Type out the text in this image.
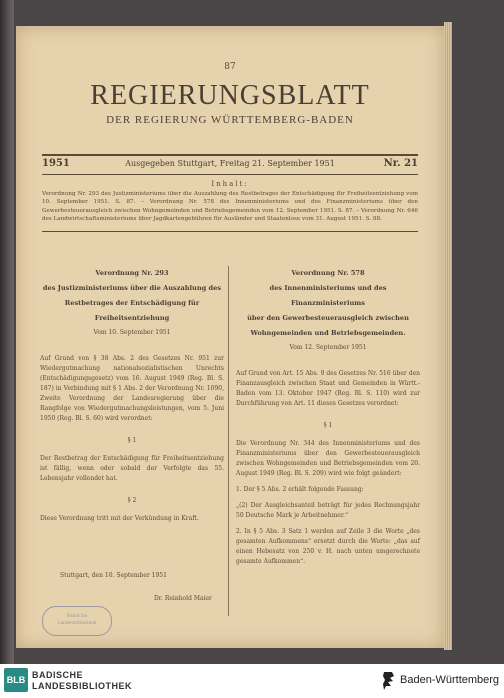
87
REGIERUNGSBLATT
DER REGIERUNG WÜRTTEMBERG-BADEN
1951	Ausgegeben Stuttgart, Freitag 21. September 1951	Nr. 21
Inhalt:
Verordnung Nr. 293 des Justizministeriums über die Auszahlung des Restbetrages der Entschädigung für Freiheitsentziehung vom 10. September 1951. S. 87. – Verordnung Nr. 578 des Innenministeriums und des Finanzministeriums über den Gewerbesteuerausgleich zwischen Wohngemeinden und Betriebsgemeinden vom 12. September 1951. S. 87. – Verordnung Nr. 646 des Landwirtschaftsministeriums über Jagdkartengebühren für Ausländer und Staatenlose vom 31. August 1951. S. 88.
Verordnung Nr. 293
des Justizministeriums über die Auszahlung des
Restbetrages der Entschädigung für
Freiheitsentziehung
Vom 10. September 1951

Auf Grund von § 38 Abs. 2 des Gesetzes Nr. 951 zur Wiedergutmachung nationalsozialistischen Unrechts (Entschädigungsgesetz) vom 16. August 1949 (Reg. Bl. S. 187) in Verbindung mit § 1 Abs. 2 der Verordnung Nr. 1090, Zweite Verordnung der Landesregierung über die Rangfolge von Wiedergutmachungsleistungen, vom 5. Juni 1950 (Reg. Bl. S. 60) wird verordnet:

§ 1

Der Restbetrag der Entschädigung für Freiheitsentziehung ist fällig, wenn oder sobald der Verfolgte das 55. Lebensjahr vollendet hat.

§ 2

Diese Verordnung tritt mit der Verkündung in Kraft.

Verordnung Nr. 578
des Innenministeriums und des Finanzministeriums
über den Gewerbesteuerausgleich zwischen
Wohngemeinden und Betriebsgemeinden.
Vom 12. September 1951

Auf Grund von Art. 15 Abs. 9 des Gesetzes Nr. 516 über den Finanzausgleich zwischen Staat und Gemeinden in Württ.-Baden vom 13. Oktober 1947 (Reg. Bl. S. 110) wird zur Durchführung von Art. 11 dieses Gesetzes verordnet:

§ 1

Die Verordnung Nr. 344 des Innenministeriums und des Finanzministeriums über den Gewerbesteuerausgleich zwischen Wohngemeinden und Betriebsgemeinden vom 20. August 1949 (Reg. Bl. S. 209) wird wie folgt geändert:

1. Der § 5 Abs. 2 erhält folgende Fassung:

„(2) Der Ausgleichsanteil beträgt für jedes Rechnungsjahr 50 Deutsche Mark je Arbeitnehmer.“

2. In § 5 Abs. 3 Satz 1 werden auf Zeile 3 die Worte „des gesamten Aufkommens“ ersetzt durch die Worte: „das auf einen Hebesatz von 250 v. H. nach unten umgerechnete gesamte Aufkommen“.

Stuttgart, den 10. September 1951
Dr. Reinhold Maier
Badische
Landesbibliothek
BLB BADISCHE
LANDESBIBLIOTHEK	Baden-Württemberg
